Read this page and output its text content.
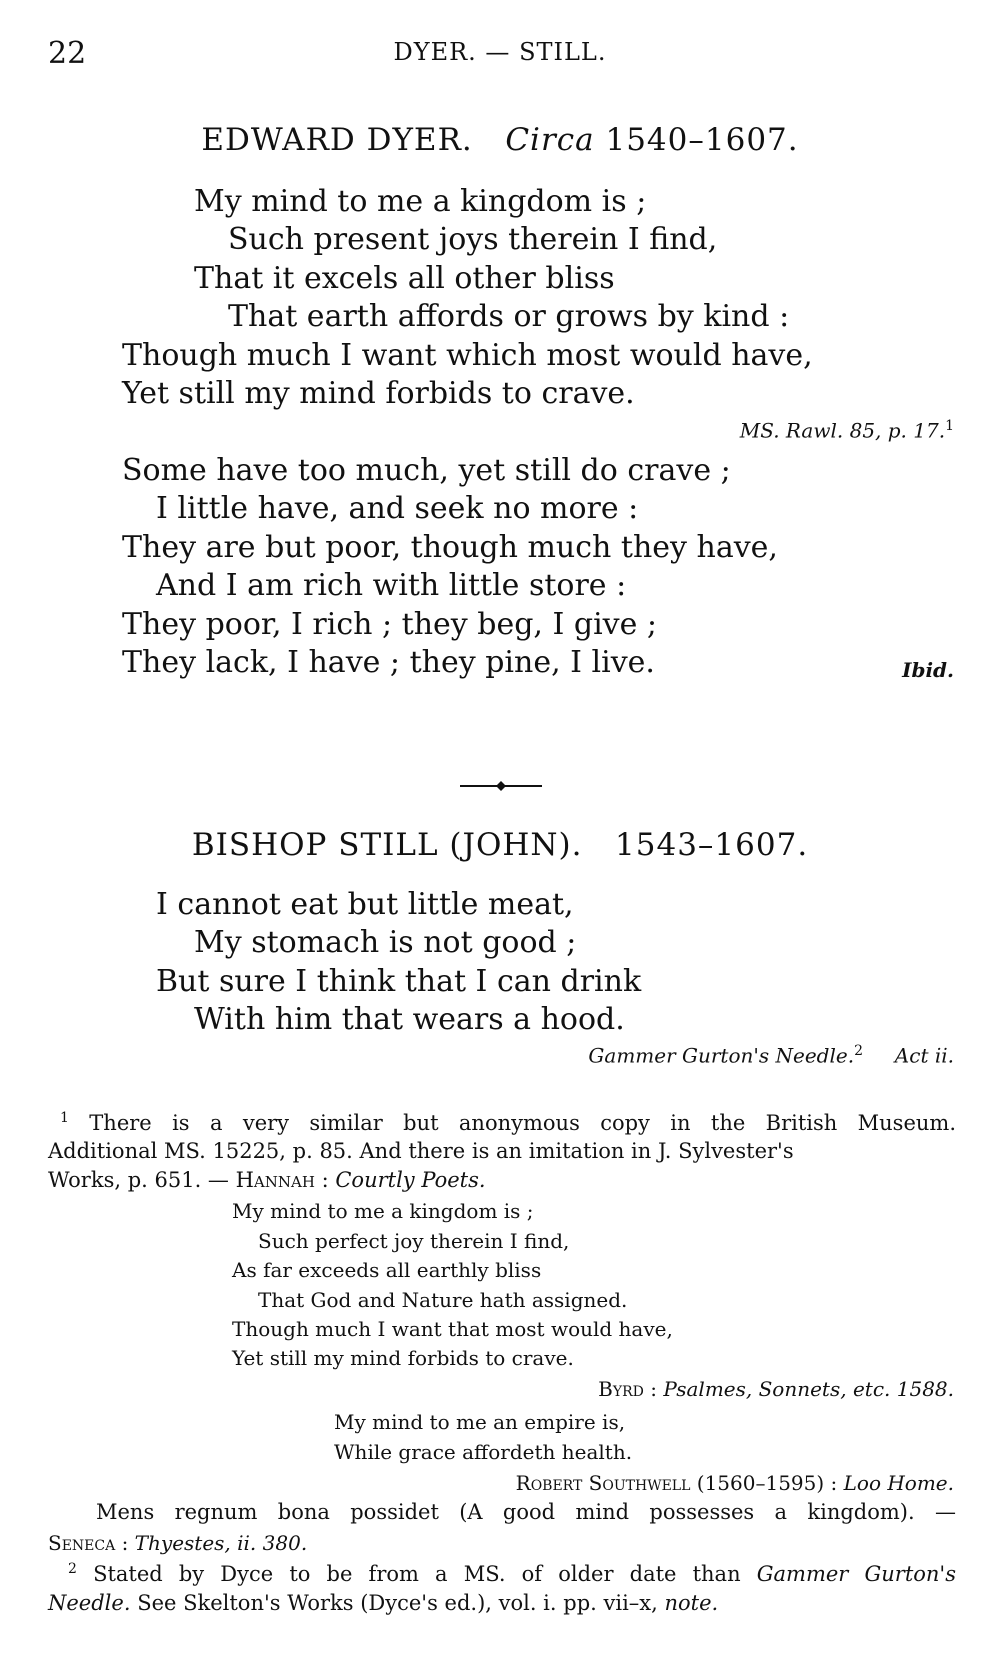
22	DYER. — STILL.
EDWARD DYER. Circa 1540–1607.
My mind to me a kingdom is ;
Such present joys therein I find,
That it excels all other bliss
That earth affords or grows by kind :
Though much I want which most would have,
Yet still my mind forbids to crave.
MS. Rawl. 85, p. 17.$^1$
Some have too much, yet still do crave ;
I little have, and seek no more :
They are but poor, though much they have,
And I am rich with little store :
They poor, I rich ; they beg, I give ;
They lack, I have ; they pine, I live.	Ibid.
BISHOP STILL (JOHN). 1543–1607.
I cannot eat but little meat,
My stomach is not good ;
But sure I think that I can drink
With him that wears a hood.
Gammer Gurton's Needle.$^2$ Act ii.
$^1$ There is a very similar but anonymous copy in the British Museum.
Additional MS. 15225, p. 85. And there is an imitation in J. Sylvester's
Works, p. 651. — Hannah : Courtly Poets.
My mind to me a kingdom is ;
Such perfect joy therein I find,
As far exceeds all earthly bliss
That God and Nature hath assigned.
Though much I want that most would have,
Yet still my mind forbids to crave.
Byrd : Psalmes, Sonnets, etc. 1588.
My mind to me an empire is,
While grace affordeth health.
Robert Southwell (1560–1595) : Loo Home.
Mens regnum bona possidet (A good mind possesses a kingdom). —
Seneca : Thyestes, ii. 380.
$^2$ Stated by Dyce to be from a MS. of older date than Gammer Gurton's
Needle. See Skelton's Works (Dyce's ed.), vol. i. pp. vii–x, note.
